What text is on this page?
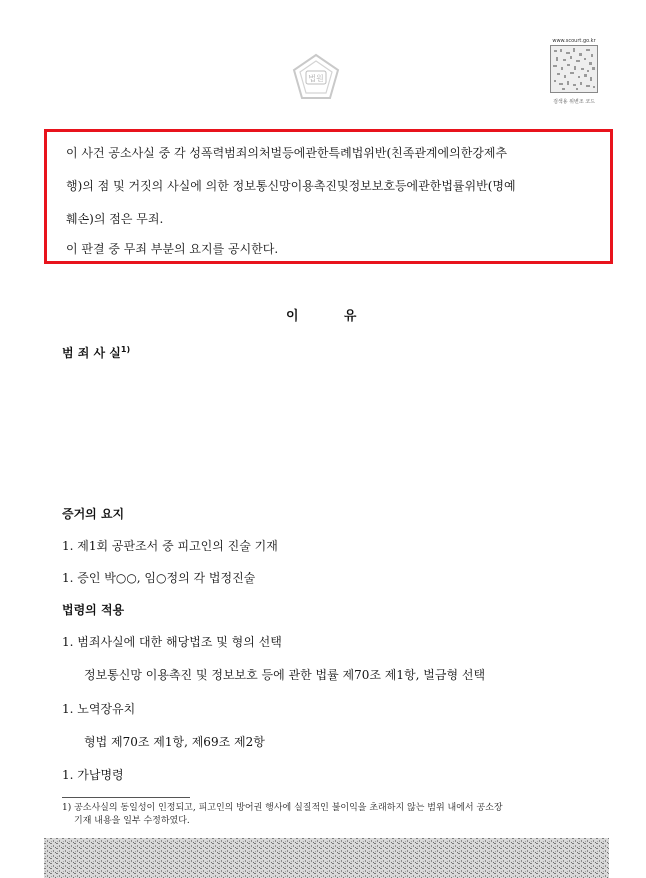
법원
www.scourt.go.kr
검색용 위변조 코드
이 사건 공소사실 중 각 성폭력범죄의처벌등에관한특례법위반(친족관계에의한강제추
행)의 점 및 거짓의 사실에 의한 정보통신망이용촉진및정보보호등에관한법률위반(명예
훼손)의 점은 무죄.
이 판결 중 무죄 부분의 요지를 공시한다.
이          유
범 죄 사 실$^{1)}$
증거의 요지
1. 제1회 공판조서 중 피고인의 진술 기재
1. 증인 박○○, 임○정의 각 법정진술
법령의 적용
1. 범죄사실에 대한 해당법조 및 형의 선택
정보통신망 이용촉진 및 정보보호 등에 관한 법률 제70조 제1항, 벌금형 선택
1. 노역장유치
형법 제70조 제1항, 제69조 제2항
1. 가납명령
1) 공소사실의 동일성이 인정되고, 피고인의 방어권 행사에 실질적인 불이익을 초래하지 않는 범위 내에서 공소장
기재 내용을 일부 수정하였다.
